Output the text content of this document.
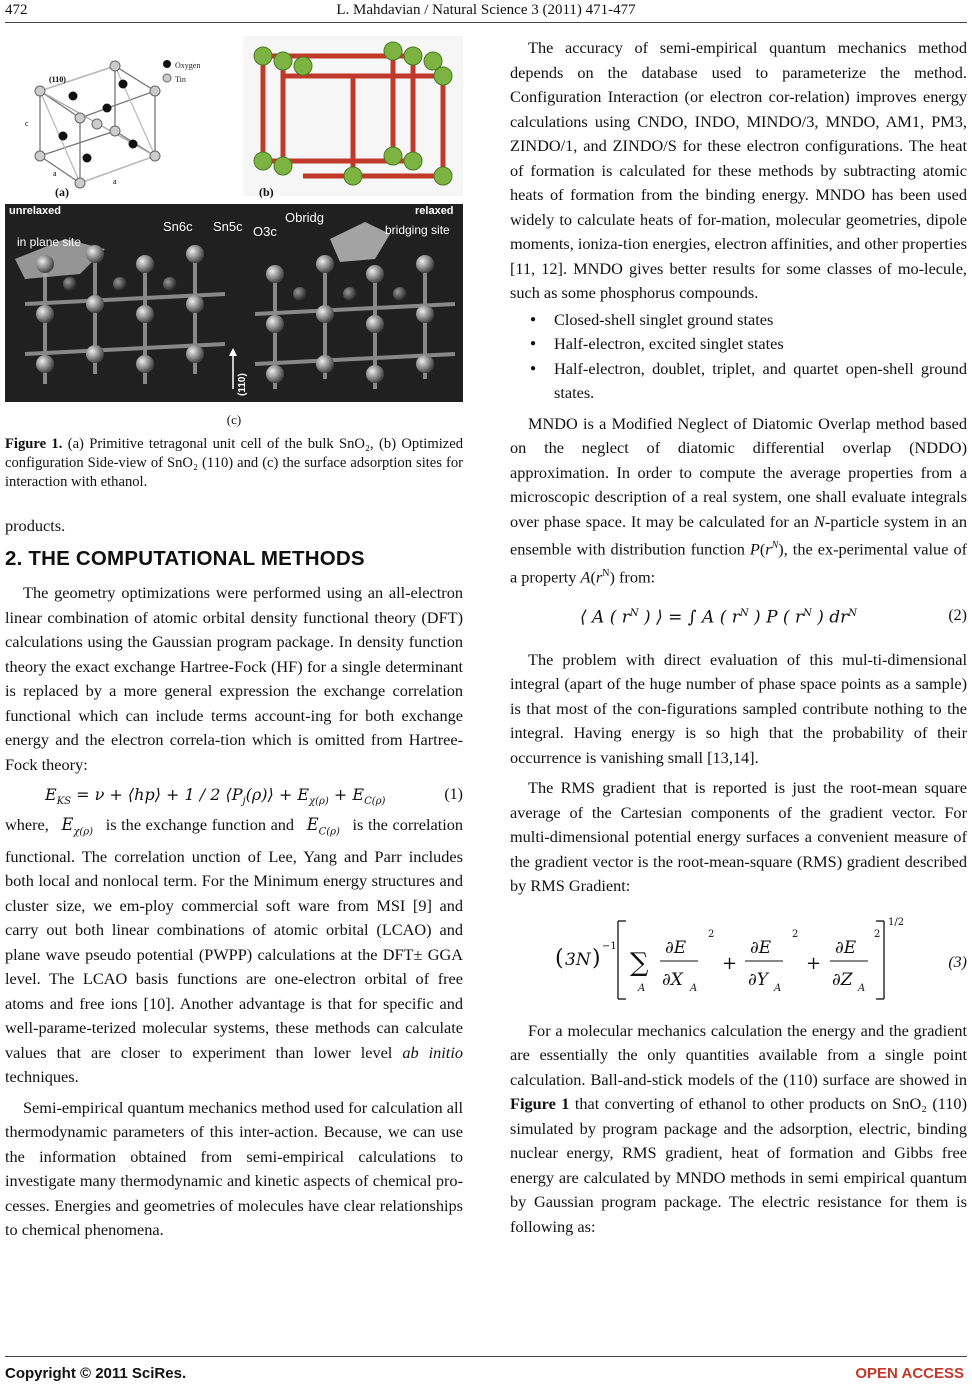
472	L. Mahdavian / Natural Science 3 (2011) 471-477
Oxygen
Tin
(110)
c
a
a
(a)	(b)
unrelaxed	relaxed
in plane site
Sn6c Sn5c O3c
Obridg
bridging site
(110)
(c)
Figure 1. (a) Primitive tetragonal unit cell of the bulk SnO₂, (b) Optimized configuration Side-view of SnO₂ (110) and (c) the surface adsorption sites for interaction with ethanol.

products.

2. THE COMPUTATIONAL METHODS

The geometry optimizations were performed using an all-electron linear combination of atomic orbital density functional theory (DFT) calculations using the Gaussian program package. In density function theory the exact exchange Hartree-Fock (HF) for a single determinant is replaced by a more general expression the exchange correlation functional which can include terms account-ing for both exchange energy and the electron correla-tion which is omitted from Hartree-Fock theory:

$E_{KS} = \nu$ + ⟨hp⟩ + 1 ∕ 2 $⟨P_j(\rho)⟩ + E_{\chi(\rho)} + E_{C(\rho)}$	(1)

where, $E_{\chi(\rho)}$ is the exchange function and $E_{C(\rho)}$ is the correlation functional. The correlation unction of Lee, Yang and Parr includes both local and nonlocal term. For the Minimum energy structures and cluster size, we em-ploy commercial soft ware from MSI [9] and carry out both linear combinations of atomic orbital (LCAO) and plane wave pseudo potential (PWPP) calculations at the DFT± GGA level. The LCAO basis functions are one-electron orbital of free atoms and free ions [10]. Another advantage is that for specific and well-parame-terized molecular systems, these methods can calculate values that are closer to experiment than lower level ab initio techniques.

Semi-empirical quantum mechanics method used for calculation all thermodynamic parameters of this inter-action. Because, we can use the information obtained from semi-empirical calculations to investigate many thermodynamic and kinetic aspects of chemical pro-cesses. Energies and geometries of molecules have clear relationships to chemical phenomena.

The accuracy of semi-empirical quantum mechanics method depends on the database used to parameterize the method. Configuration Interaction (or electron cor-relation) improves energy calculations using CNDO, INDO, MINDO/3, MNDO, AM1, PM3, ZINDO/1, and ZINDO/S for these electron configurations. The heat of formation is calculated for these methods by subtracting atomic heats of formation from the binding energy. MNDO has been used widely to calculate heats of for-mation, molecular geometries, dipole moments, ioniza-tion energies, electron affinities, and other properties [11, 12]. MNDO gives better results for some classes of mo-lecule, such as some phosphorus compounds.

● Closed-shell singlet ground states
● Half-electron, excited singlet states
● Half-electron, doublet, triplet, and quartet open-shell ground states.

MNDO is a Modified Neglect of Diatomic Overlap method based on the neglect of diatomic differential overlap (NDDO) approximation. In order to compute the average properties from a microscopic description of a real system, one shall evaluate integrals over phase space. It may be calculated for an N-particle system in an ensemble with distribution function $P(r^N)$, the ex-perimental value of a property $A(r^N)$ from:

⟨ A ( $r^N$ ) ⟩ = ∫ A ( $r^N$ ) P ( $r^N$ ) $dr^N$	(2)

The problem with direct evaluation of this mul-ti-dimensional integral (apart of the huge number of phase space points as a sample) is that most of the con-figurations sampled contribute nothing to the integral. Having energy is so high that the probability of their occurrence is vanishing small [13,14].

The RMS gradient that is reported is just the root-mean square average of the Cartesian components of the gradient vector. For multi-dimensional potential energy surfaces a convenient measure of the gradient vector is the root-mean-square (RMS) gradient described by RMS Gradient:

( 3N ) −1
∑
A
∂E
∂X A
2
+
∂E
∂Y A
2
+
∂E
∂Z A
2
1/2
(3)

For a molecular mechanics calculation the energy and the gradient are essentially the only quantities available from a single point calculation. Ball-and-stick models of the (110) surface are showed in Figure 1 that converting of ethanol to other products on SnO₂ (110) simulated by program package and the adsorption, electric, binding nuclear energy, RMS gradient, heat of formation and Gibbs free energy are calculated by MNDO methods in semi empirical quantum by Gaussian program package. The electric resistance for them is following as:

Copyright © 2011 SciRes.	OPEN ACCESS
